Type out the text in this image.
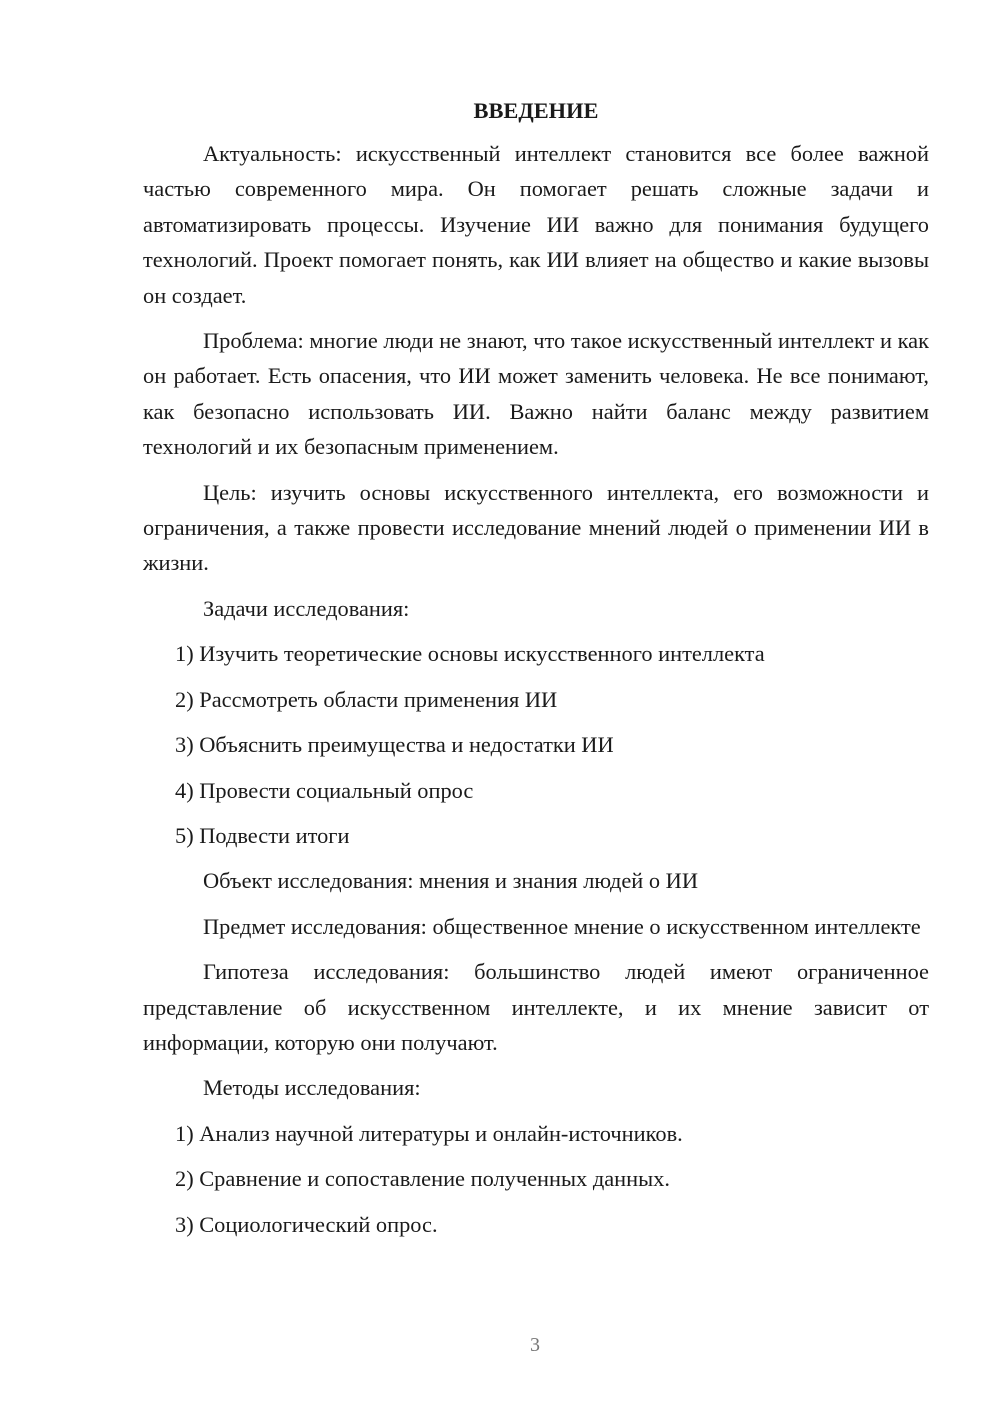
ВВЕДЕНИЕ

Актуальность: искусственный интеллект становится все более важной частью современного мира. Он помогает решать сложные задачи и автоматизировать процессы. Изучение ИИ важно для понимания будущего технологий. Проект помогает понять, как ИИ влияет на общество и какие вызовы он создает.

Проблема: многие люди не знают, что такое искусственный интеллект и как он работает. Есть опасения, что ИИ может заменить человека. Не все понимают, как безопасно использовать ИИ. Важно найти баланс между развитием технологий и их безопасным применением.

Цель: изучить основы искусственного интеллекта, его возможности и ограничения, а также провести исследование мнений людей о применении ИИ в жизни.

Задачи исследования:

1) Изучить теоретические основы искусственного интеллекта

2) Рассмотреть области применения ИИ

3) Объяснить преимущества и недостатки ИИ

4) Провести социальный опрос

5) Подвести итоги

Объект исследования: мнения и знания людей о ИИ

Предмет исследования: общественное мнение о искусственном интеллекте

Гипотеза исследования: большинство людей имеют ограниченное представление об искусственном интеллекте, и их мнение зависит от информации, которую они получают.

Методы исследования:

1) Анализ научной литературы и онлайн-источников.

2) Сравнение и сопоставление полученных данных.

3) Социологический опрос.

3
